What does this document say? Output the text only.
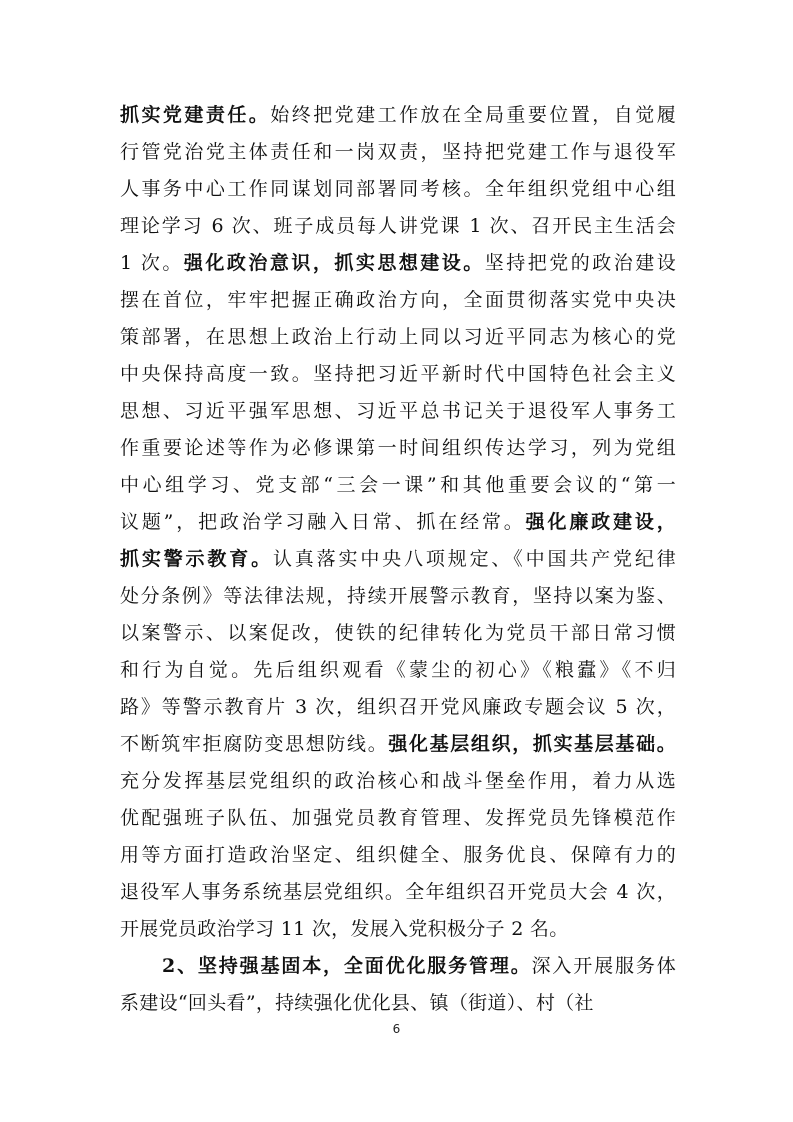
抓实党建责任。始终把党建工作放在全局重要位置，自觉履
行管党治党主体责任和一岗双责，坚持把党建工作与退役军
人事务中心工作同谋划同部署同考核。全年组织党组中心组
理论学习 6 次、班子成员每人讲党课 1 次、召开民主生活会
1 次。强化政治意识，抓实思想建设。坚持把党的政治建设
摆在首位，牢牢把握正确政治方向，全面贯彻落实党中央决
策部署，在思想上政治上行动上同以习近平同志为核心的党
中央保持高度一致。坚持把习近平新时代中国特色社会主义
思想、习近平强军思想、习近平总书记关于退役军人事务工
作重要论述等作为必修课第一时间组织传达学习，列为党组
中心组学习、党支部“三会一课”和其他重要会议的“第一
议题”，把政治学习融入日常、抓在经常。强化廉政建设，
抓实警示教育。认真落实中央八项规定、《中国共产党纪律
处分条例》等法律法规，持续开展警示教育，坚持以案为鉴、
以案警示、以案促改，使铁的纪律转化为党员干部日常习惯
和行为自觉。先后组织观看《蒙尘的初心》《粮蠹》《不归
路》等警示教育片 3 次，组织召开党风廉政专题会议 5 次，
不断筑牢拒腐防变思想防线。强化基层组织，抓实基层基础。
充分发挥基层党组织的政治核心和战斗堡垒作用，着力从选
优配强班子队伍、加强党员教育管理、发挥党员先锋模范作
用等方面打造政治坚定、组织健全、服务优良、保障有力的
退役军人事务系统基层党组织。全年组织召开党员大会 4 次，
开展党员政治学习 11 次，发展入党积极分子 2 名。
2、坚持强基固本，全面优化服务管理。深入开展服务体
系建设“回头看”，持续强化优化县、镇（街道）、村（社
6
